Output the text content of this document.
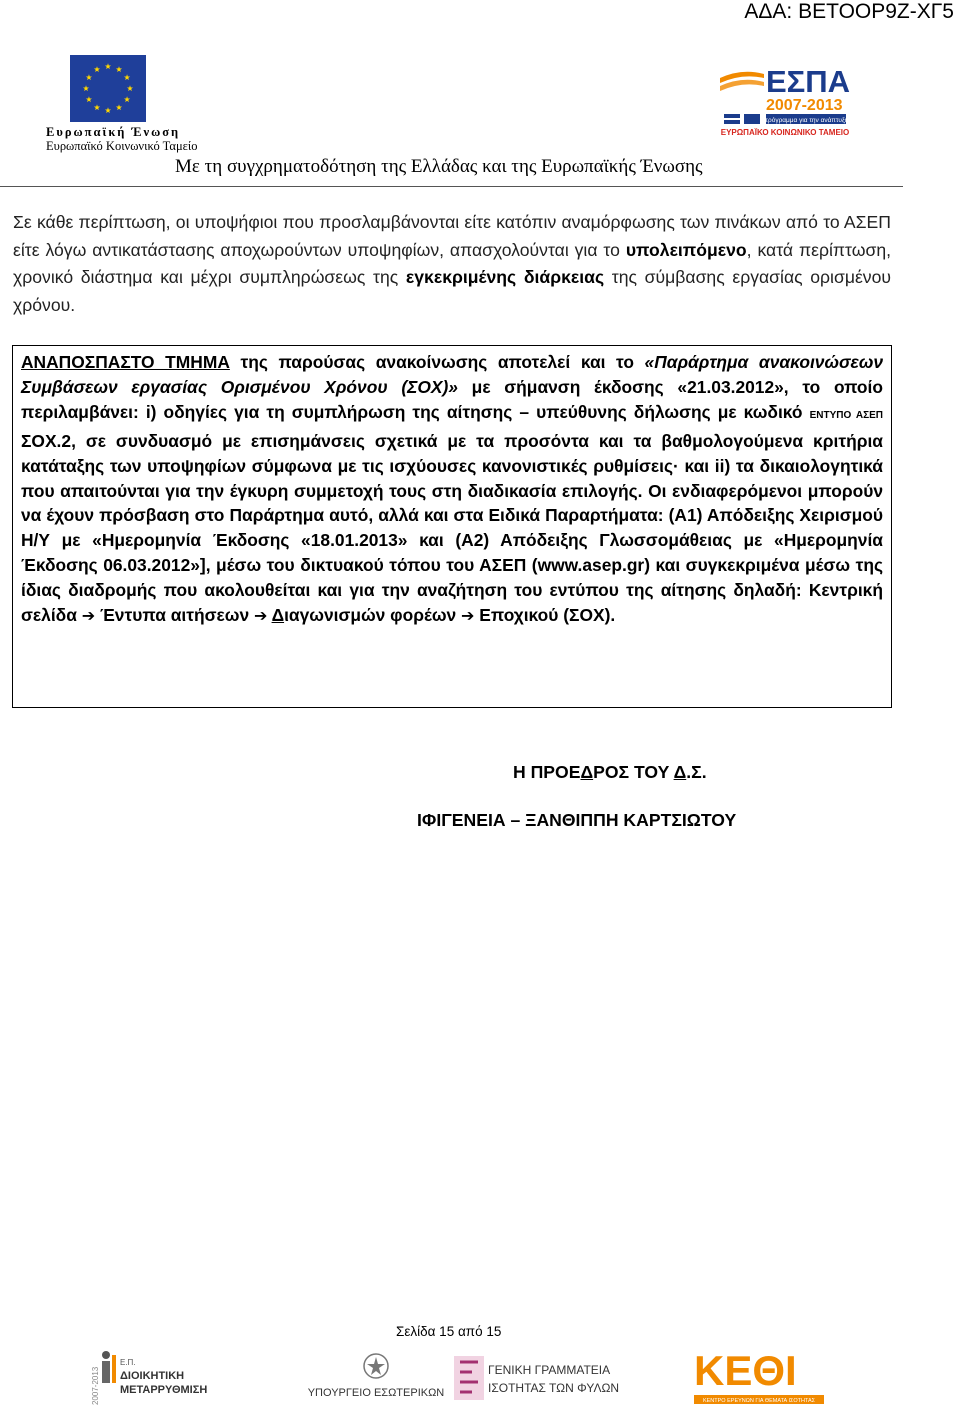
ΑΔΑ: ΒΕΤΟΟΡ9Ζ-ΧΓ5
Ευρωπαϊκή Ένωση
Ευρωπαϊκό Κοινωνικό Ταμείο
Με τη συγχρηματοδότηση της Ελλάδας και της Ευρωπαϊκής Ένωσης
ΕΣΠΑ
2007-2013
πρόγραμμα για την ανάπτυξη
ΕΥΡΩΠΑΪΚΟ ΚΟΙΝΩΝΙΚΟ ΤΑΜΕΙΟ
Σε κάθε περίπτωση, οι υποψήφιοι που προσλαμβάνονται είτε κατόπιν αναμόρφωσης των πινάκων από το ΑΣΕΠ είτε λόγω αντικατάστασης αποχωρούντων υποψηφίων, απασχολούνται για το υπολειπόμενο, κατά περίπτωση, χρονικό διάστημα και μέχρι συμπληρώσεως της εγκεκριμένης διάρκειας της σύμβασης εργασίας ορισμένου χρόνου.
ΑΝΑΠΟΣΠΑΣΤΟ ΤΜΗΜΑ της παρούσας ανακοίνωσης αποτελεί και το «Παράρτημα ανακοινώσεων Συμβάσεων εργασίας Ορισμένου Χρόνου (ΣΟΧ)» με σήμανση έκδοσης «21.03.2012», το οποίο περιλαμβάνει: i) οδηγίες για τη συμπλήρωση της αίτησης – υπεύθυνης δήλωσης με κωδικό ΕΝΤΥΠΟ ΑΣΕΠ ΣΟΧ.2, σε συνδυασμό με επισημάνσεις σχετικά με τα προσόντα και τα βαθμολογούμενα κριτήρια κατάταξης των υποψηφίων σύμφωνα με τις ισχύουσες κανονιστικές ρυθμίσεις· και ii) τα δικαιολογητικά που απαιτούνται για την έγκυρη συμμετοχή τους στη διαδικασία επιλογής. Οι ενδιαφερόμενοι μπορούν να έχουν πρόσβαση στο Παράρτημα αυτό, αλλά και στα Ειδικά Παραρτήματα: (Α1) Απόδειξης Χειρισμού Η/Υ με «Ημερομηνία Έκδοσης «18.01.2013» και (Α2) Απόδειξης Γλωσσομάθειας με «Ημερομηνία Έκδοσης 06.03.2012»], μέσω του δικτυακού τόπου του ΑΣΕΠ (www.asep.gr) και συγκεκριμένα μέσω της ίδιας διαδρομής που ακολουθείται και για την αναζήτηση του εντύπου της αίτησης δηλαδή: Κεντρική σελίδα ➔ Έντυπα αιτήσεων ➔ Διαγωνισμών φορέων ➔ Εποχικού (ΣΟΧ).
Η ΠΡΟΕΔΡΟΣ ΤΟΥ Δ.Σ.
ΙΦΙΓΕΝΕΙΑ – ΞΑΝΘΙΠΠΗ ΚΑΡΤΣΙΩΤΟΥ
Σελίδα 15 από 15
2007-2013
Ε.Π.
ΔΙΟΙΚΗΤΙΚΗ
ΜΕΤΑΡΡΥΘΜΙΣΗ	ΥΠΟΥΡΓΕΙΟ ΕΣΩΤΕΡΙΚΩΝ
ΓΕΝΙΚΗ ΓΡΑΜΜΑΤΕΙΑ
ΙΣΟΤΗΤΑΣ ΤΩΝ ΦΥΛΩΝ ΚΕΘΙ
ΚΕΝΤΡΟ ΕΡΕΥΝΩΝ ΓΙΑ ΘΕΜΑΤΑ ΙΣΟΤΗΤΑΣ
